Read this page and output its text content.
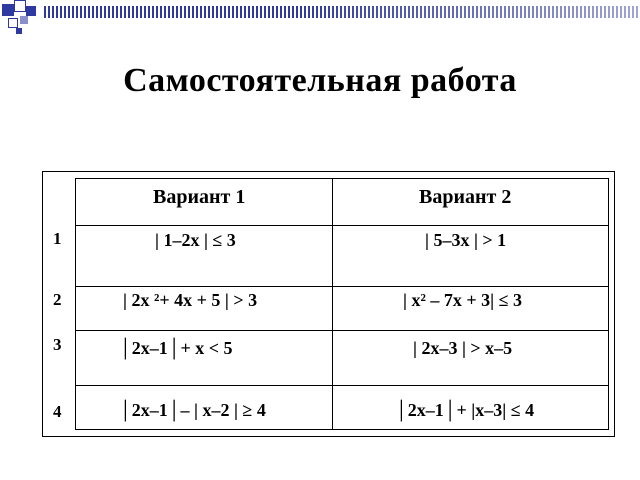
Самостоятельная работа
Вариант 1	Вариант 2
1
2
3
4
| 1–2x | ≤ 3
| 2x ²+ 4x + 5 | > 3
│2x–1│+ x < 5
│2x–1│– | x–2 | ≥ 4
| 5–3x | > 1
| x² – 7x + 3| ≤ 3
| 2x–3 | > x–5
│2x–1│+ |x–3| ≤ 4
